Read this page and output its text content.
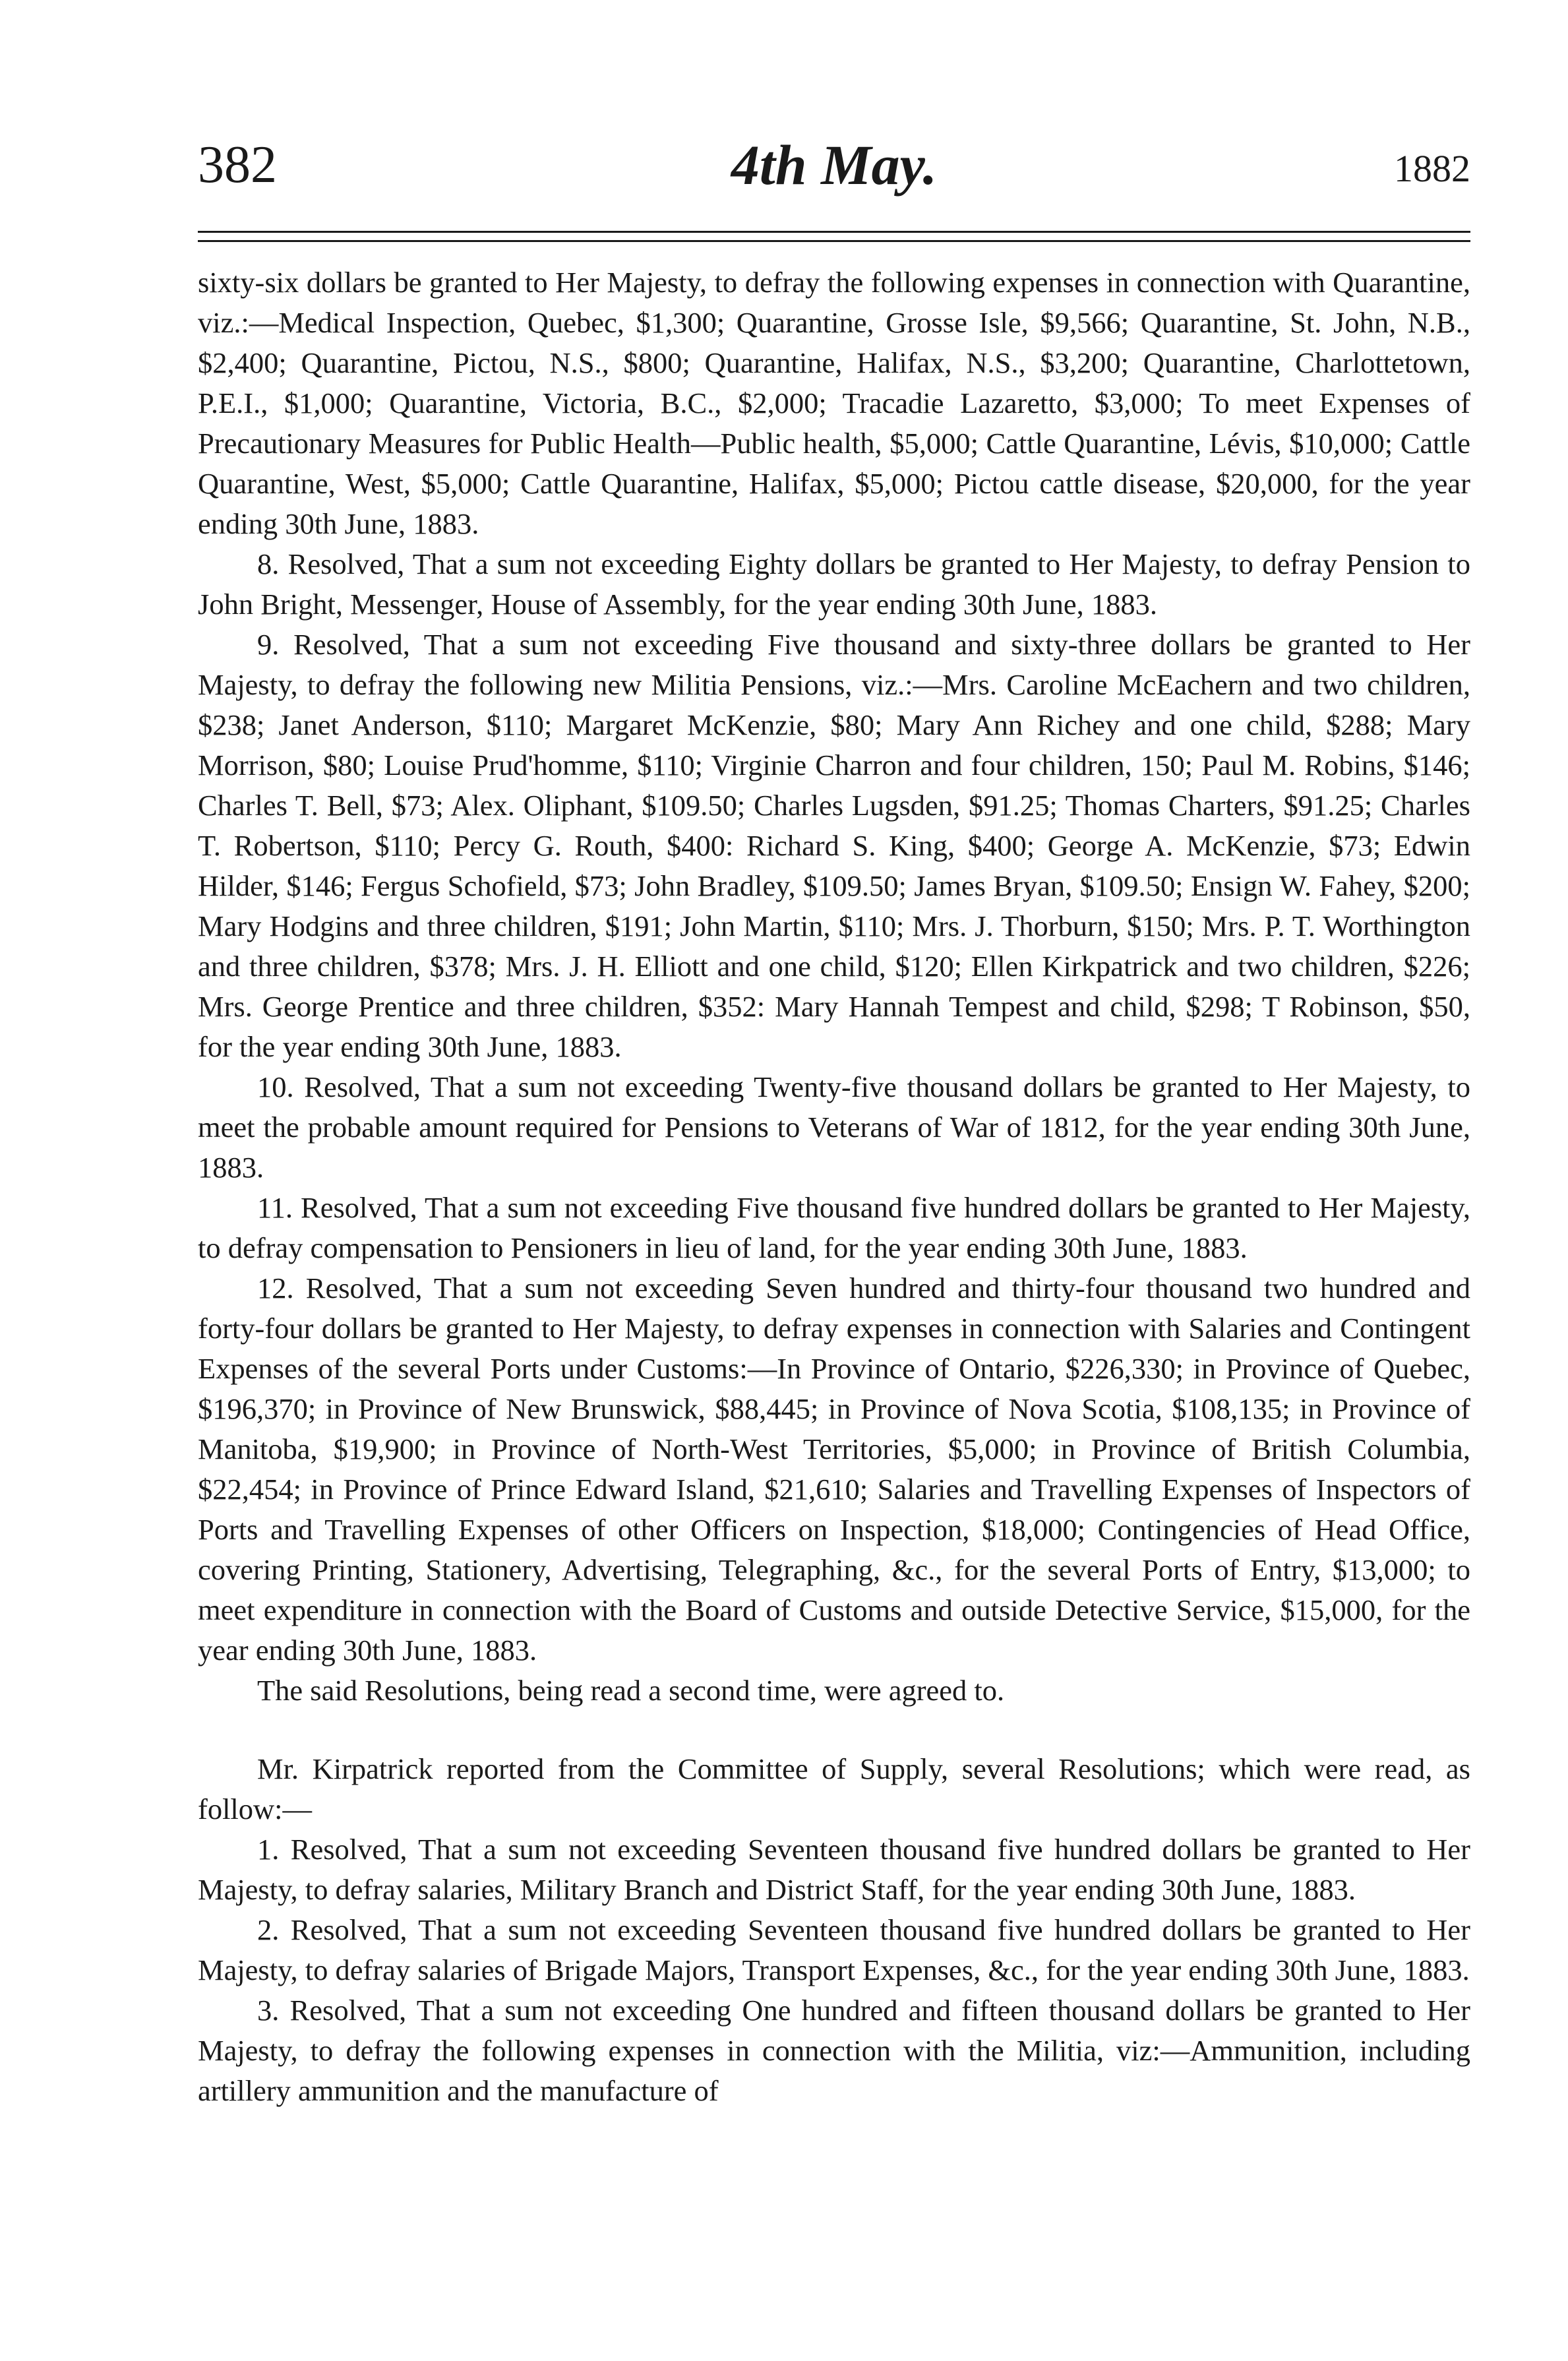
382	4th May.	1882

sixty-six dollars be granted to Her Majesty, to defray the following expenses in connection with Quarantine, viz.:—Medical Inspection, Quebec, $1,300; Quarantine, Grosse Isle, $9,566; Quarantine, St. John, N.B., $2,400; Quarantine, Pictou, N.S., $800; Quarantine, Halifax, N.S., $3,200; Quarantine, Charlottetown, P.E.I., $1,000; Quarantine, Victoria, B.C., $2,000; Tracadie Lazaretto, $3,000; To meet Expenses of Precautionary Measures for Public Health—Public health, $5,000; Cattle Quarantine, Lévis, $10,000; Cattle Quarantine, West, $5,000; Cattle Quarantine, Halifax, $5,000; Pictou cattle disease, $20,000, for the year ending 30th June, 1883.

8. Resolved, That a sum not exceeding Eighty dollars be granted to Her Majesty, to defray Pension to John Bright, Messenger, House of Assembly, for the year ending 30th June, 1883.

9. Resolved, That a sum not exceeding Five thousand and sixty-three dollars be granted to Her Majesty, to defray the following new Militia Pensions, viz.:—Mrs. Caroline McEachern and two children, $238; Janet Anderson, $110; Margaret McKenzie, $80; Mary Ann Richey and one child, $288; Mary Morrison, $80; Louise Prud'homme, $110; Virginie Charron and four children, 150; Paul M. Robins, $146; Charles T. Bell, $73; Alex. Oliphant, $109.50; Charles Lugsden, $91.25; Thomas Charters, $91.25; Charles T. Robertson, $110; Percy G. Routh, $400: Richard S. King, $400; George A. McKenzie, $73; Edwin Hilder, $146; Fergus Schofield, $73; John Bradley, $109.50; James Bryan, $109.50; Ensign W. Fahey, $200; Mary Hodgins and three children, $191; John Martin, $110; Mrs. J. Thorburn, $150; Mrs. P. T. Worthington and three children, $378; Mrs. J. H. Elliott and one child, $120; Ellen Kirkpatrick and two children, $226; Mrs. George Prentice and three children, $352: Mary Hannah Tempest and child, $298; T Robinson, $50, for the year ending 30th June, 1883.

10. Resolved, That a sum not exceeding Twenty-five thousand dollars be granted to Her Majesty, to meet the probable amount required for Pensions to Veterans of War of 1812, for the year ending 30th June, 1883.

11. Resolved, That a sum not exceeding Five thousand five hundred dollars be granted to Her Majesty, to defray compensation to Pensioners in lieu of land, for the year ending 30th June, 1883.

12. Resolved, That a sum not exceeding Seven hundred and thirty-four thousand two hundred and forty-four dollars be granted to Her Majesty, to defray expenses in connection with Salaries and Contingent Expenses of the several Ports under Customs:—In Province of Ontario, $226,330; in Province of Quebec, $196,370; in Province of New Brunswick, $88,445; in Province of Nova Scotia, $108,135; in Province of Manitoba, $19,900; in Province of North-West Territories, $5,000; in Province of British Columbia, $22,454; in Province of Prince Edward Island, $21,610; Salaries and Travelling Expenses of Inspectors of Ports and Travelling Expenses of other Officers on Inspection, $18,000; Contingencies of Head Office, covering Printing, Stationery, Advertising, Telegraphing, &c., for the several Ports of Entry, $13,000; to meet expenditure in connection with the Board of Customs and outside Detective Service, $15,000, for the year ending 30th June, 1883.

The said Resolutions, being read a second time, were agreed to.

Mr. Kirpatrick reported from the Committee of Supply, several Resolutions; which were read, as follow:—

1. Resolved, That a sum not exceeding Seventeen thousand five hundred dollars be granted to Her Majesty, to defray salaries, Military Branch and District Staff, for the year ending 30th June, 1883.

2. Resolved, That a sum not exceeding Seventeen thousand five hundred dollars be granted to Her Majesty, to defray salaries of Brigade Majors, Transport Expenses, &c., for the year ending 30th June, 1883.

3. Resolved, That a sum not exceeding One hundred and fifteen thousand dollars be granted to Her Majesty, to defray the following expenses in connection with the Militia, viz:—Ammunition, including artillery ammunition and the manufacture of
